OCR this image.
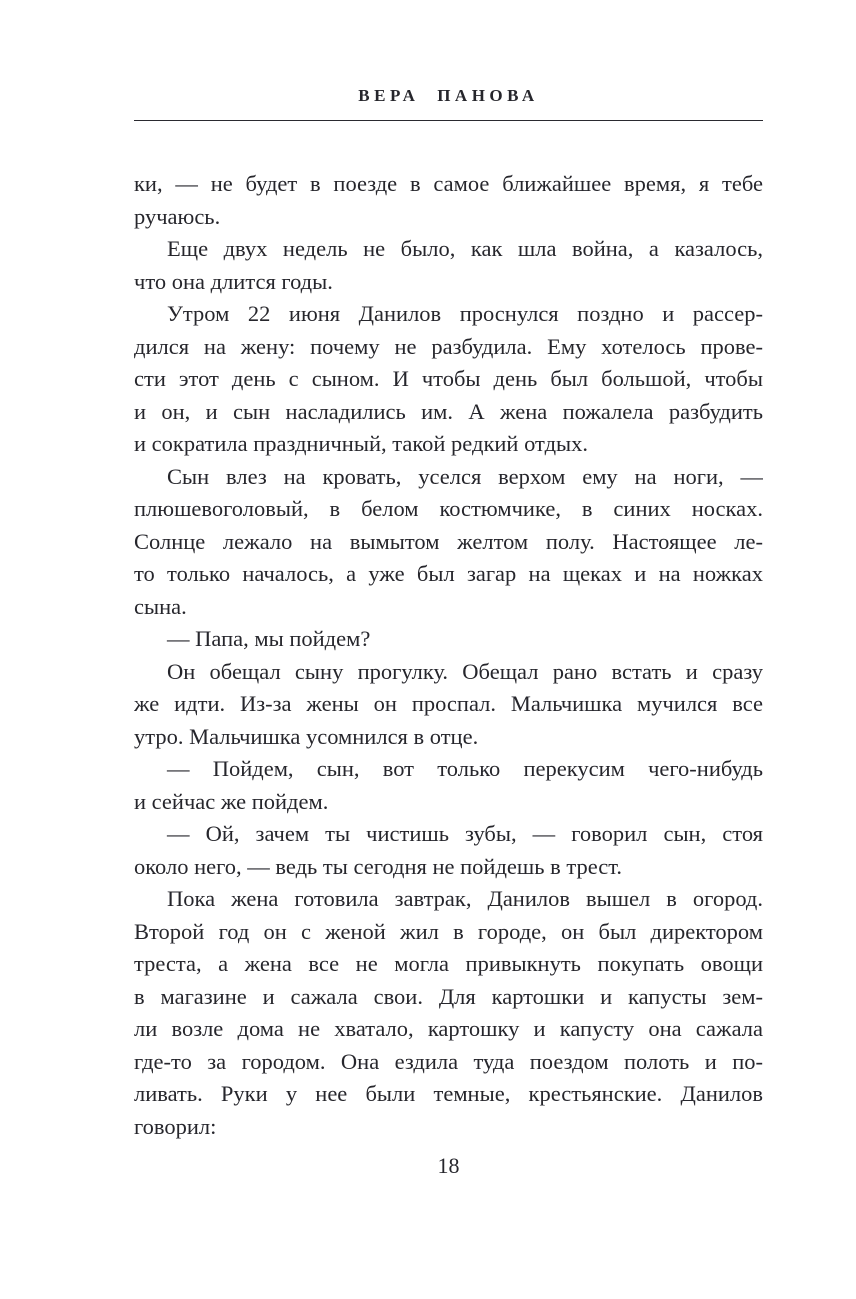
ВЕРА ПАНОВА
ки, — не будет в поезде в самое ближайшее время, я тебе
ручаюсь.
Еще двух недель не было, как шла война, а казалось,
что она длится годы.
Утром 22 июня Данилов проснулся поздно и рассер-
дился на жену: почему не разбудила. Ему хотелось прове-
сти этот день с сыном. И чтобы день был большой, чтобы
и он, и сын насладились им. А жена пожалела разбудить
и сократила праздничный, такой редкий отдых.
Сын влез на кровать, уселся верхом ему на ноги, —
плюшевоголовый, в белом костюмчике, в синих носках.
Солнце лежало на вымытом желтом полу. Настоящее ле-
то только началось, а уже был загар на щеках и на ножках
сына.
— Папа, мы пойдем?
Он обещал сыну прогулку. Обещал рано встать и сразу
же идти. Из-за жены он проспал. Мальчишка мучился все
утро. Мальчишка усомнился в отце.
— Пойдем, сын, вот только перекусим чего-нибудь
и сейчас же пойдем.
— Ой, зачем ты чистишь зубы, — говорил сын, стоя
около него, — ведь ты сегодня не пойдешь в трест.
Пока жена готовила завтрак, Данилов вышел в огород.
Второй год он с женой жил в городе, он был директором
треста, а жена все не могла привыкнуть покупать овощи
в магазине и сажала свои. Для картошки и капусты зем-
ли возле дома не хватало, картошку и капусту она сажала
где-то за городом. Она ездила туда поездом полоть и по-
ливать. Руки у нее были темные, крестьянские. Данилов
говорил:
18
